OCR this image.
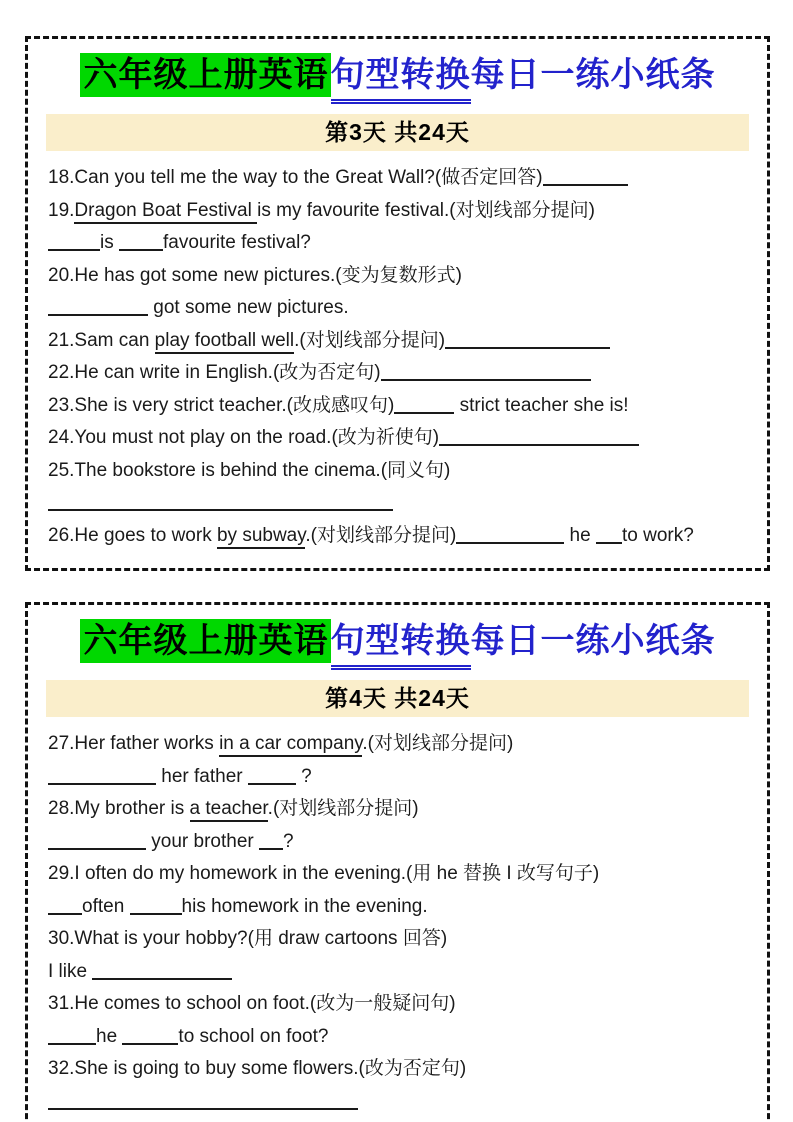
六年级上册英语句型转换每日一练小纸条
第3天 共24天
18.Can you tell me the way to the Great Wall?(做否定回答)
19.Dragon Boat Festival is my favourite festival.(对划线部分提问)
is favourite festival?
20.He has got some new pictures.(变为复数形式)
got some new pictures.
21.Sam can play football well.(对划线部分提问)
22.He can write in English.(改为否定句)
23.She is very strict teacher.(改成感叹句)	strict teacher she is!
24.You must not play on the road.(改为祈使句)
25.The bookstore is behind the cinema.(同义句)
26.He goes to work by subway.(对划线部分提问)	he to work?
六年级上册英语句型转换每日一练小纸条
第4天 共24天
27.Her father works in a car company.(对划线部分提问)
her father	?
28.My brother is a teacher.(对划线部分提问)
your brother ?
29.I often do my homework in the evening.(用 he 替换 I 改写句子)
often	his homework in the evening.
30.What is your hobby?(用 draw cartoons 回答)
I like
31.He comes to school on foot.(改为一般疑问句)
he	to school on foot?
32.She is going to buy some flowers.(改为否定句)
